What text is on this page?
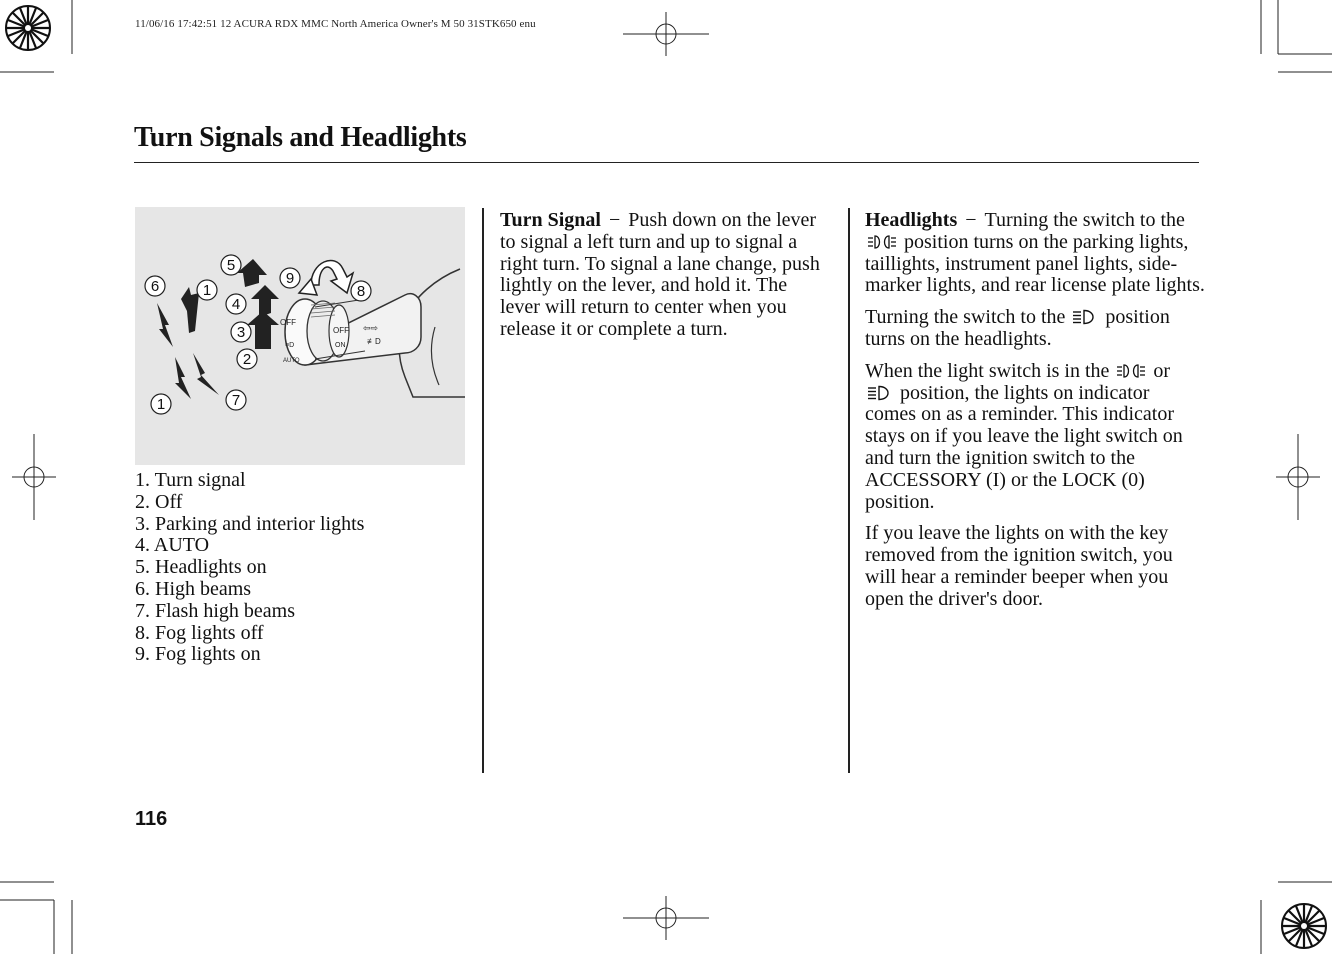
11/06/16 17:42:51 12 ACURA RDX MMC North America Owner's M 50 31STK650 enu
Turn Signals and Headlights
OFF
OFF
ON
AUTO
≡D
⇦⇨
≢D
6	1
5
4
3
2
9
8
1	7
1. Turn signal
2. Off
3. Parking and interior lights
4. AUTO
5. Headlights on
6. High beams
7. Flash high beams
8. Fog lights off
9. Fog lights on

Turn Signal − Push down on the lever to signal a left turn and up to signal a right turn. To signal a lane change, push lightly on the lever, and hold it. The lever will return to center when you release it or complete a turn.

Headlights − Turning the switch to the  position turns on the parking lights, taillights, instrument panel lights, side-marker lights, and rear license plate lights.

Turning the switch to the position turns on the headlights.

When the light switch is in the or  position, the lights on indicator comes on as a reminder. This indicator stays on if you leave the light switch on and turn the ignition switch to the ACCESSORY (I) or the LOCK (0) position.

If you leave the lights on with the key removed from the ignition switch, you will hear a reminder beeper when you open the driver's door.

116
